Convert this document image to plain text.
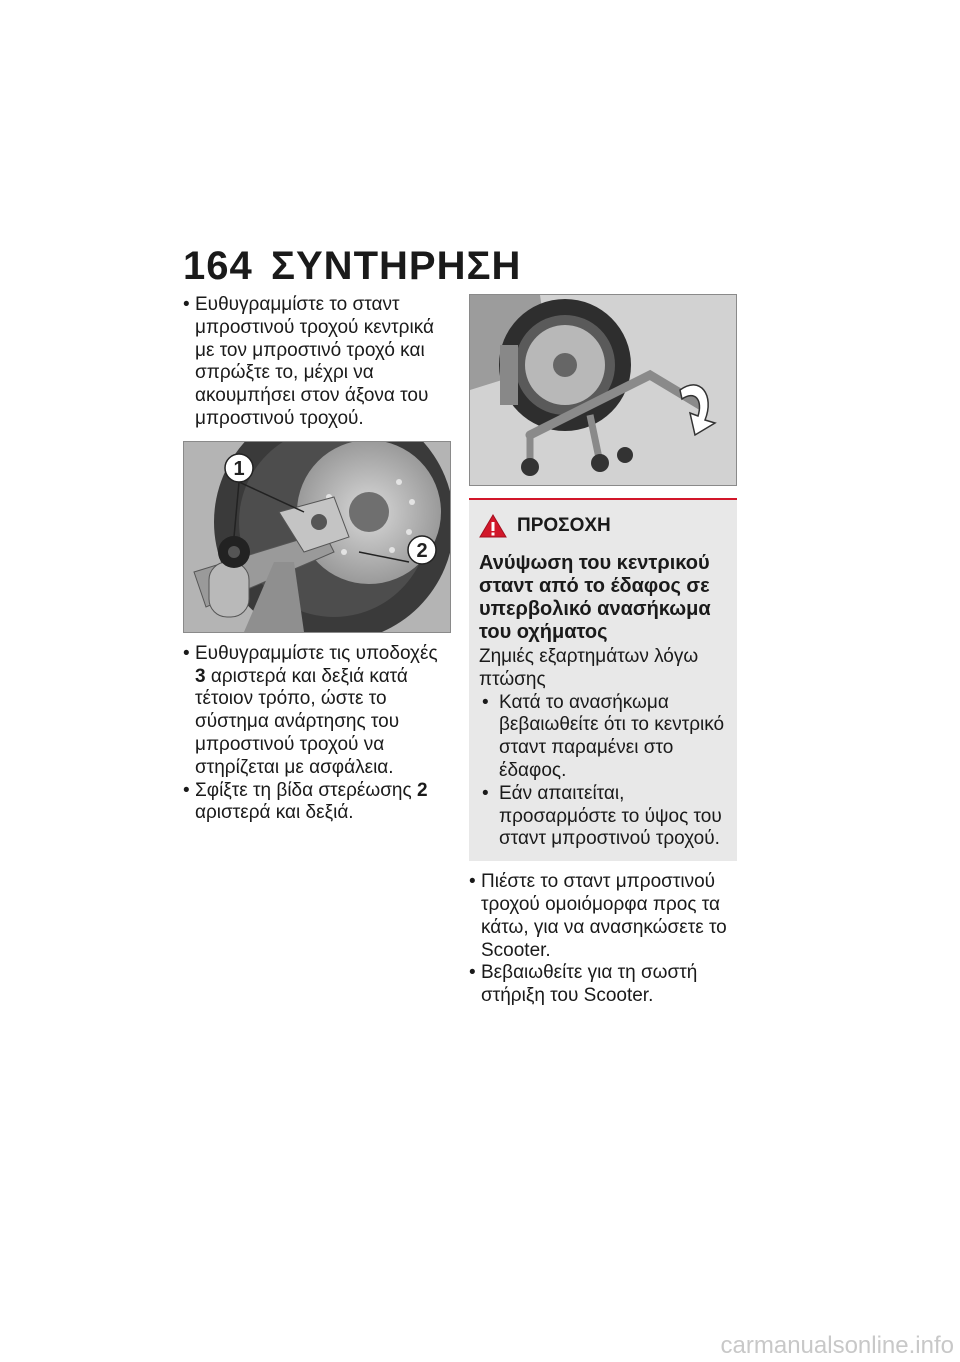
164 ΣΥΝΤΗΡΗΣΗ
• Ευθυγραμμίστε το σταντ μπροστινού τροχού κεντρικά με τον μπροστινό τροχό και σπρώξτε το, μέχρι να ακουμπήσει στον άξονα του μπροστινού τροχού.
1
2
• Ευθυγραμμίστε τις υποδοχές 3 αριστερά και δεξιά κατά τέτοιον τρόπο, ώστε το σύστημα ανάρτησης του μπροστινού τροχού να στηρίζεται με ασφάλεια.
• Σφίξτε τη βίδα στερέωσης 2 αριστερά και δεξιά.
ΠΡΟΣΟΧΗ
Ανύψωση του κεντρικού σταντ από το έδαφος σε υπερβολικό ανασήκωμα του οχήματος
Ζημιές εξαρτημάτων λόγω πτώσης
• Κατά το ανασήκωμα βεβαιωθείτε ότι το κεντρικό σταντ παραμένει στο έδαφος.
• Εάν απαιτείται, προσαρμόστε το ύψος του σταντ μπροστινού τροχού.
• Πιέστε το σταντ μπροστινού τροχού ομοιόμορφα προς τα κάτω, για να ανασηκώσετε το Scooter.
• Βεβαιωθείτε για τη σωστή στήριξη του Scooter.
carmanualsonline.info
